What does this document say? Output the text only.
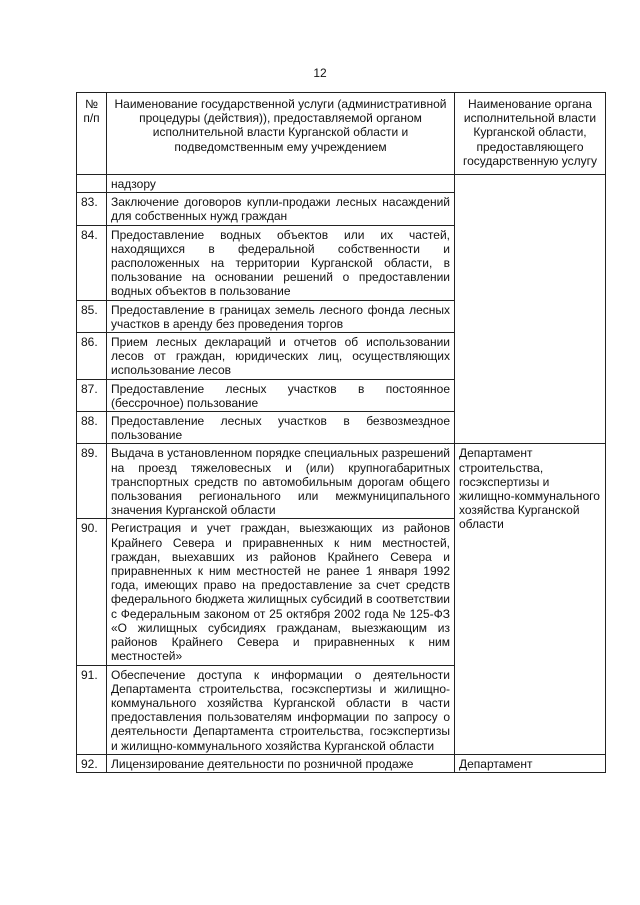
12
№ п/п	Наименование государственной услуги (административной процедуры (действия)), предоставляемой органом исполнительной власти Курганской области и подведомственным ему учреждением	Наименование органа исполнительной власти Курганской области, предоставляющего государственную услугу
	надзору	
83.	Заключение договоров купли-продажи лесных насаждений для собственных нужд граждан	
84.	Предоставление водных объектов или их частей, находящихся в федеральной собственности и расположенных на территории Курганской области, в пользование на основании решений о предоставлении водных объектов в пользование	
85.	Предоставление в границах земель лесного фонда лесных участков в аренду без проведения торгов	
86.	Прием лесных деклараций и отчетов об использовании лесов от граждан, юридических лиц, осуществляющих использование лесов	
87.	Предоставление лесных участков в постоянное (бессрочное) пользование	
88.	Предоставление лесных участков в безвозмездное пользование	
89.	Выдача в установленном порядке специальных разрешений на проезд тяжеловесных и (или) крупногабаритных транспортных средств по автомобильным дорогам общего пользования регионального или межмуниципального значения Курганской области	Департамент строительства, госэкспертизы и жилищно-коммунального хозяйства Курганской области
90.	Регистрация и учет граждан, выезжающих из районов Крайнего Севера и приравненных к ним местностей, граждан, выехавших из районов Крайнего Севера и приравненных к ним местностей не ранее 1 января 1992 года, имеющих право на предоставление за счет средств федерального бюджета жилищных субсидий в соответствии с Федеральным законом от 25 октября 2002 года № 125-ФЗ «О жилищных субсидиях гражданам, выезжающим из районов Крайнего Севера и приравненных к ним местностей»	
91.	Обеспечение доступа к информации о деятельности Департамента строительства, госэкспертизы и жилищно-коммунального хозяйства Курганской области в части предоставления пользователям информации по запросу о деятельности Департамента строительства, госэкспертизы и жилищно-коммунального хозяйства Курганской области	
92.	Лицензирование деятельности по розничной продаже	Департамент
